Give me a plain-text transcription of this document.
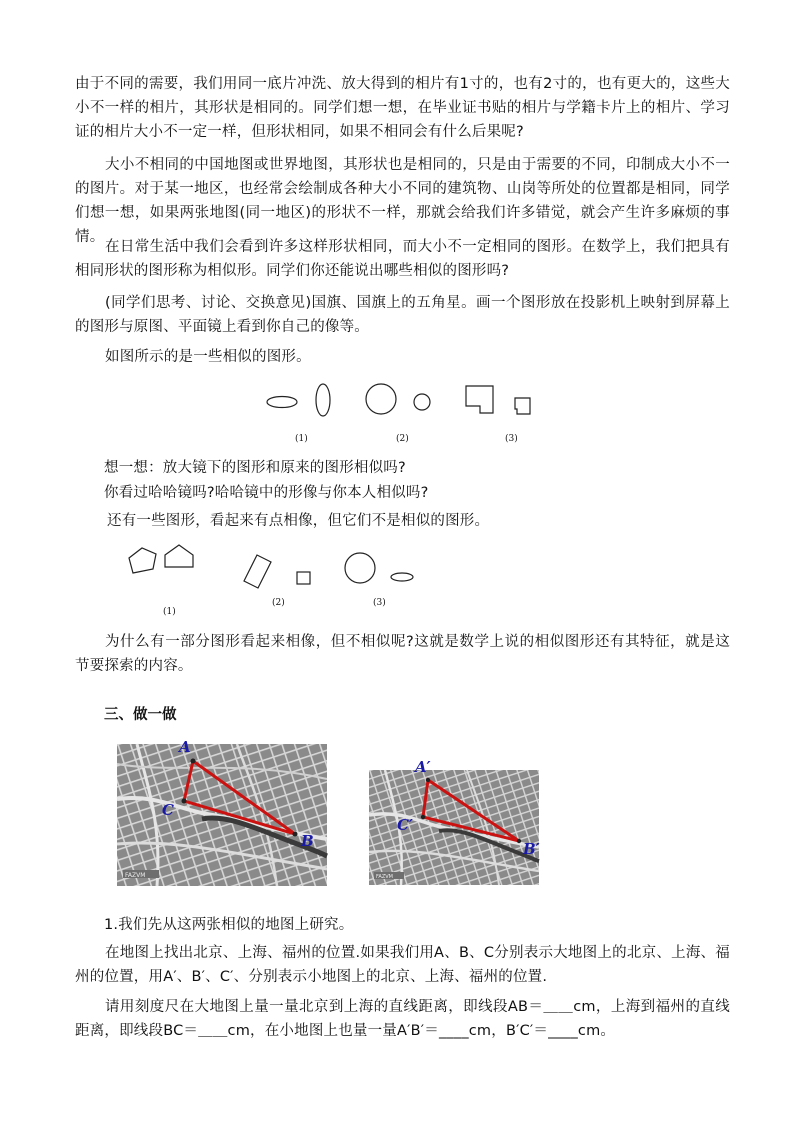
由于不同的需要，我们用同一底片冲洗、放大得到的相片有1寸的，也有2寸的，也有更大的，这些大小不一样的相片，其形状是相同的。同学们想一想，在毕业证书贴的相片与学籍卡片上的相片、学习证的相片大小不一定一样，但形状相同，如果不相同会有什么后果呢?

大小不相同的中国地图或世界地图，其形状也是相同的，只是由于需要的不同，印制成大小不一的图片。对于某一地区，也经常会绘制成各种大小不同的建筑物、山岗等所处的位置都是相同，同学们想一想，如果两张地图(同一地区)的形状不一样，那就会给我们许多错觉，就会产生许多麻烦的事情。

在日常生活中我们会看到许多这样形状相同，而大小不一定相同的图形。在数学上，我们把具有相同形状的图形称为相似形。同学们你还能说出哪些相似的图形吗?

(同学们思考、讨论、交换意见)国旗、国旗上的五角星。画一个图形放在投影机上映射到屏幕上的图形与原图、平面镜上看到你自己的像等。

如图所示的是一些相似的图形。

(1)	(2)	(3)

想一想：放大镜下的图形和原来的图形相似吗?

你看过哈哈镜吗?哈哈镜中的形像与你本人相似吗?

还有一些图形，看起来有点相像，但它们不是相似的图形。

(1)
(2)	(3)

为什么有一部分图形看起来相像，但不相似呢?这就是数学上说的相似图形还有其特征，就是这节要探索的内容。

三、做一做
FAZVM
A
B
C
FAZVM
A′
B′
C′

1.我们先从这两张相似的地图上研究。

在地图上找出北京、上海、福州的位置.如果我们用A、B、C分别表示大地图上的北京、上海、福州的位置，用A′、B′、C′、分别表示小地图上的北京、上海、福州的位置.

请用刻度尺在大地图上量一量北京到上海的直线距离，即线段AB＝＿＿cm，上海到福州的直线距离，即线段BC＝＿＿cm，在小地图上也量一量A′B′＝____cm，B′C′＝____cm。
